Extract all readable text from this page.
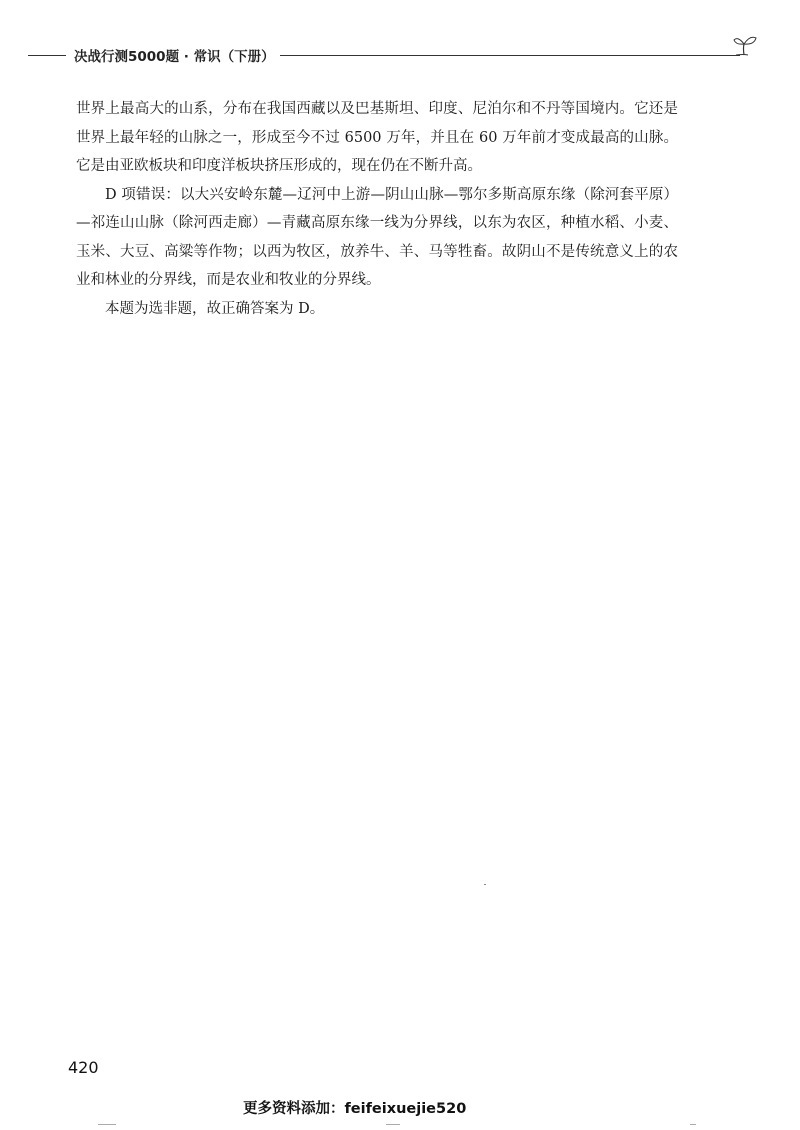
决战行测5000题 · 常识（下册）

世界上最高大的山系，分布在我国西藏以及巴基斯坦、印度、尼泊尔和不丹等国境内。它还是世界上最年轻的山脉之一，形成至今不过 6500 万年，并且在 60 万年前才变成最高的山脉。它是由亚欧板块和印度洋板块挤压形成的，现在仍在不断升高。

D 项错误：以大兴安岭东麓—辽河中上游—阴山山脉—鄂尔多斯高原东缘（除河套平原）—祁连山山脉（除河西走廊）—青藏高原东缘一线为分界线，以东为农区，种植水稻、小麦、玉米、大豆、高粱等作物；以西为牧区，放养牛、羊、马等牲畜。故阴山不是传统意义上的农业和林业的分界线，而是农业和牧业的分界线。

本题为选非题，故正确答案为 D。

420
更多资料添加：feifeixuejie520
